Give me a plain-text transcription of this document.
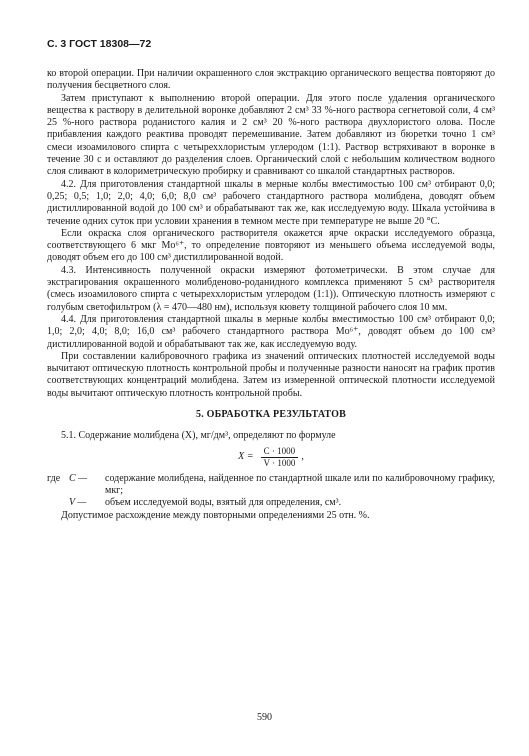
С. 3 ГОСТ 18308—72

ко второй операции. При наличии окрашенного слоя экстракцию органического вещества повторяют до получения бесцветного слоя.

Затем приступают к выполнению второй операции. Для этого после удаления органического вещества к раствору в делительной воронке добавляют 2 см³ 33 %-ного раствора сегнетовой соли, 4 см³ 25 %-ного раствора роданистого калия и 2 см³ 20 %-ного раствора двухлористого олова. После прибавления каждого реактива проводят перемешивание. Затем добавляют из бюретки точно 1 см³ смеси изоамилового спирта с четыреххлористым углеродом (1:1). Раствор встряхивают в воронке в течение 30 с и оставляют до разделения слоев. Органический слой с небольшим количеством водного слоя сливают в колориметрическую пробирку и сравнивают со шкалой стандартных растворов.

4.2. Для приготовления стандартной шкалы в мерные колбы вместимостью 100 см³ отбирают 0,0; 0,25; 0,5; 1,0; 2,0; 4,0; 6,0; 8,0 см³ рабочего стандартного раствора молибдена, доводят объем дистиллированной водой до 100 см³ и обрабатывают так же, как исследуемую воду. Шкала устойчива в течение одних суток при условии хранения в темном месте при температуре не выше 20 °С.

Если окраска слоя органического растворителя окажется ярче окраски исследуемого образца, соответствующего 6 мкг Mo⁶⁺, то определение повторяют из меньшего объема исследуемой воды, доводят объем его до 100 см³ дистиллированной водой.

4.3. Интенсивность полученной окраски измеряют фотометрически. В этом случае для экстрагирования окрашенного молибденово-роданидного комплекса применяют 5 см³ растворителя (смесь изоамилового спирта с четыреххлористым углеродом (1:1)). Оптическую плотность измеряют с голубым светофильтром (λ = 470—480 нм), используя кювету толщиной рабочего слоя 10 мм.

4.4. Для приготовления стандартной шкалы в мерные колбы вместимостью 100 см³ отбирают 0,0; 1,0; 2,0; 4,0; 8,0; 16,0 см³ рабочего стандартного раствора Mo⁶⁺, доводят объем до 100 см³ дистиллированной водой и обрабатывают так же, как исследуемую воду.

При составлении калибровочного графика из значений оптических плотностей исследуемой воды вычитают оптическую плотность контрольной пробы и полученные разности наносят на график против соответствующих концентраций молибдена. Затем из измеренной оптической плотности исследуемой воды вычитают оптическую плотность контрольной пробы.

5. ОБРАБОТКА РЕЗУЛЬТАТОВ

5.1. Содержание молибдена (X), мг/дм³, определяют по формуле

$X = \frac{C \cdot 1000}{V \cdot 1000}$ ,
где C —	содержание молибдена, найденное по стандартной шкале или по калибровочному графику, мкг;
V —	объем исследуемой воды, взятый для определения, см³.

Допустимое расхождение между повторными определениями 25 отн. %.

590
